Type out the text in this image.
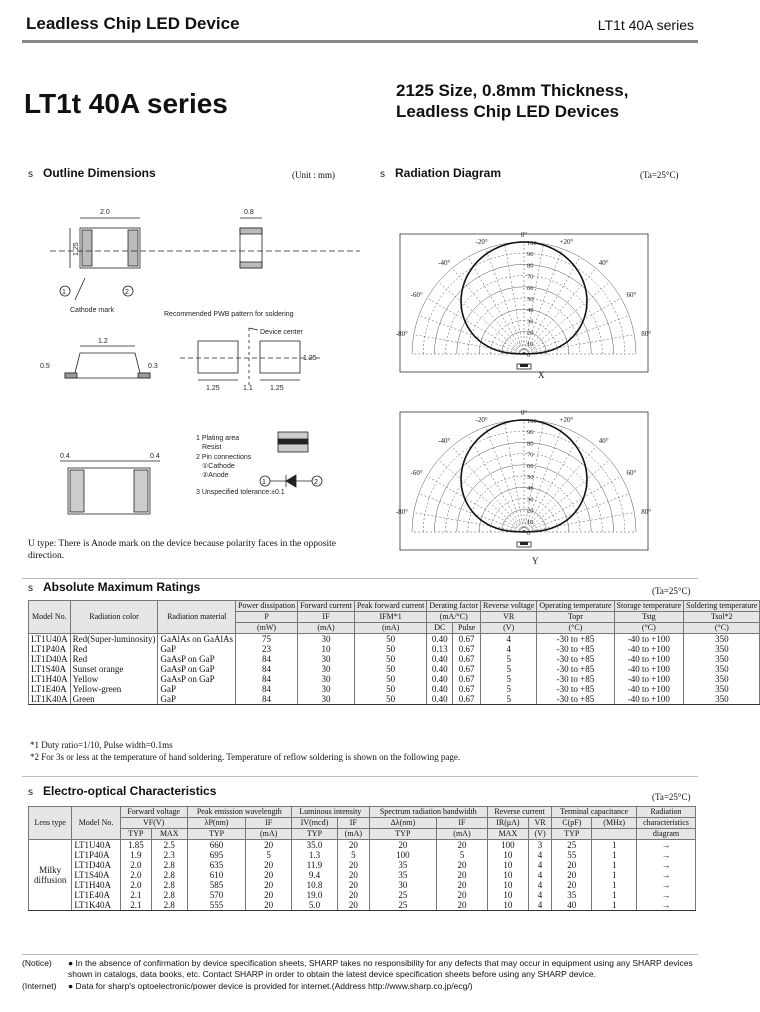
Leadless Chip LED Device	LT1t 40A series
LT1t 40A series	2125 Size, 0.8mm Thickness,
Leadless Chip LED Devices
s Outline Dimensions	(Unit : mm)	s Radiation Diagram	(Ta=25°C)
2.0	0.8
1.25
1	2
Cathode mark
Recommended PWB pattern for soldering
Device center
1.2
0.5	0.3
1.25	1.1 1.25
1.25
0.4	0.4
1 Plating area
Resist
2 Pin connections
①Cathode
②Anode
3 Unspecified tolerance:±0.1
1	2
U type: There is Anode mark on the device because polarity faces in the opposite direction.
-20°
0°
+20°
-40°	40°
-60°	60°
-80°	80°
100
90
80
70
60
50
40
30
20
10
0
-20°
0°
+20°
-40°	40°
-60°	60°
-80°	80°
100
90
80
70
60
50
40
30
20
10
0
X
Y
s Absolute Maximum Ratings	(Ta=25°C)
Model No.	Radiation color	Radiation material	Power dissipation	Forward current	Peak forward current	Derating factor		Reverse voltage	Operating temperature	Storage temperature	Soldering temperature
			P	IF	IFM*1	(mA/°C)		VR	Topr	Tstg	Tsol*2
			(mW)	(mA)	(mA)	DC	Pulse	(V)	(°C)	(°C)	(°C)
LT1U40A	Red(Super-luminosity)	GaAlAs on GaAlAs	75	30	50	0.40	0.67	4	-30 to +85	-40 to +100	350
LT1P40A	Red	GaP	23	10	50	0.13	0.67	4	-30 to +85	-40 to +100	350
LT1D40A	Red	GaAsP on GaP	84	30	50	0.40	0.67	5	-30 to +85	-40 to +100	350
LT1S40A	Sunset orange	GaAsP on GaP	84	30	50	0.40	0.67	5	-30 to +85	-40 to +100	350
LT1H40A	Yellow	GaAsP on GaP	84	30	50	0.40	0.67	5	-30 to +85	-40 to +100	350
LT1E40A	Yellow-green	GaP	84	30	50	0.40	0.67	5	-30 to +85	-40 to +100	350
LT1K40A	Green	GaP	84	30	50	0.40	0.67	5	-30 to +85	-40 to +100	350
*1 Duty ratio=1/10, Pulse width=0.1ms
*2 For 3s or less at the temperature of hand soldering. Temperature of reflow soldering is shown on the following page.
s Electro-optical Characteristics	(Ta=25°C)
Lens type	Model No.	Forward voltage		Peak emission wavelength		Luminous intensity		Spectrum radiation bandwidth		Reverse current		Terminal capacitance		Radiation
		VF(V)		λP(nm)	IF	IV(mcd)	IF	Δλ(nm)	IF	IR(μA)	VR	C(pF)	(MHz)	characteristics
		TYP	MAX	TYP	(mA)	TYP	(mA)	TYP	(mA)	MAX	(V)	TYP		diagram

Milky
diffusion	LT1U40A	1.85	2.5	660	20	35.0	20	20	20	100	3	25	1	→
	LT1P40A	1.9	2.3	695	5	1.3	5	100	5	10	4	55	1	→
	LT1D40A	2.0	2.8	635	20	11.9	20	35	20	10	4	20	1	→
	LT1S40A	2.0	2.8	610	20	9.4	20	35	20	10	4	20	1	→
	LT1H40A	2.0	2.8	585	20	10.8	20	30	20	10	4	20	1	→
	LT1E40A	2.1	2.8	570	20	19.0	20	25	20	10	4	35	1	→
	LT1K40A	2.1	2.8	555	20	5.0	20	25	20	10	4	40	1	→
(Notice)	● In the absence of confirmation by device specification sheets, SHARP takes no responsibility for any defects that may occur in equipment using any SHARP devices shown in catalogs, data books, etc. Contact SHARP in order to obtain the latest device specification sheets before using any SHARP device.
(Internet)	● Data for sharp's optoelectronic/power device is provided for internet.(Address http://www.sharp.co.jp/ecg/)
